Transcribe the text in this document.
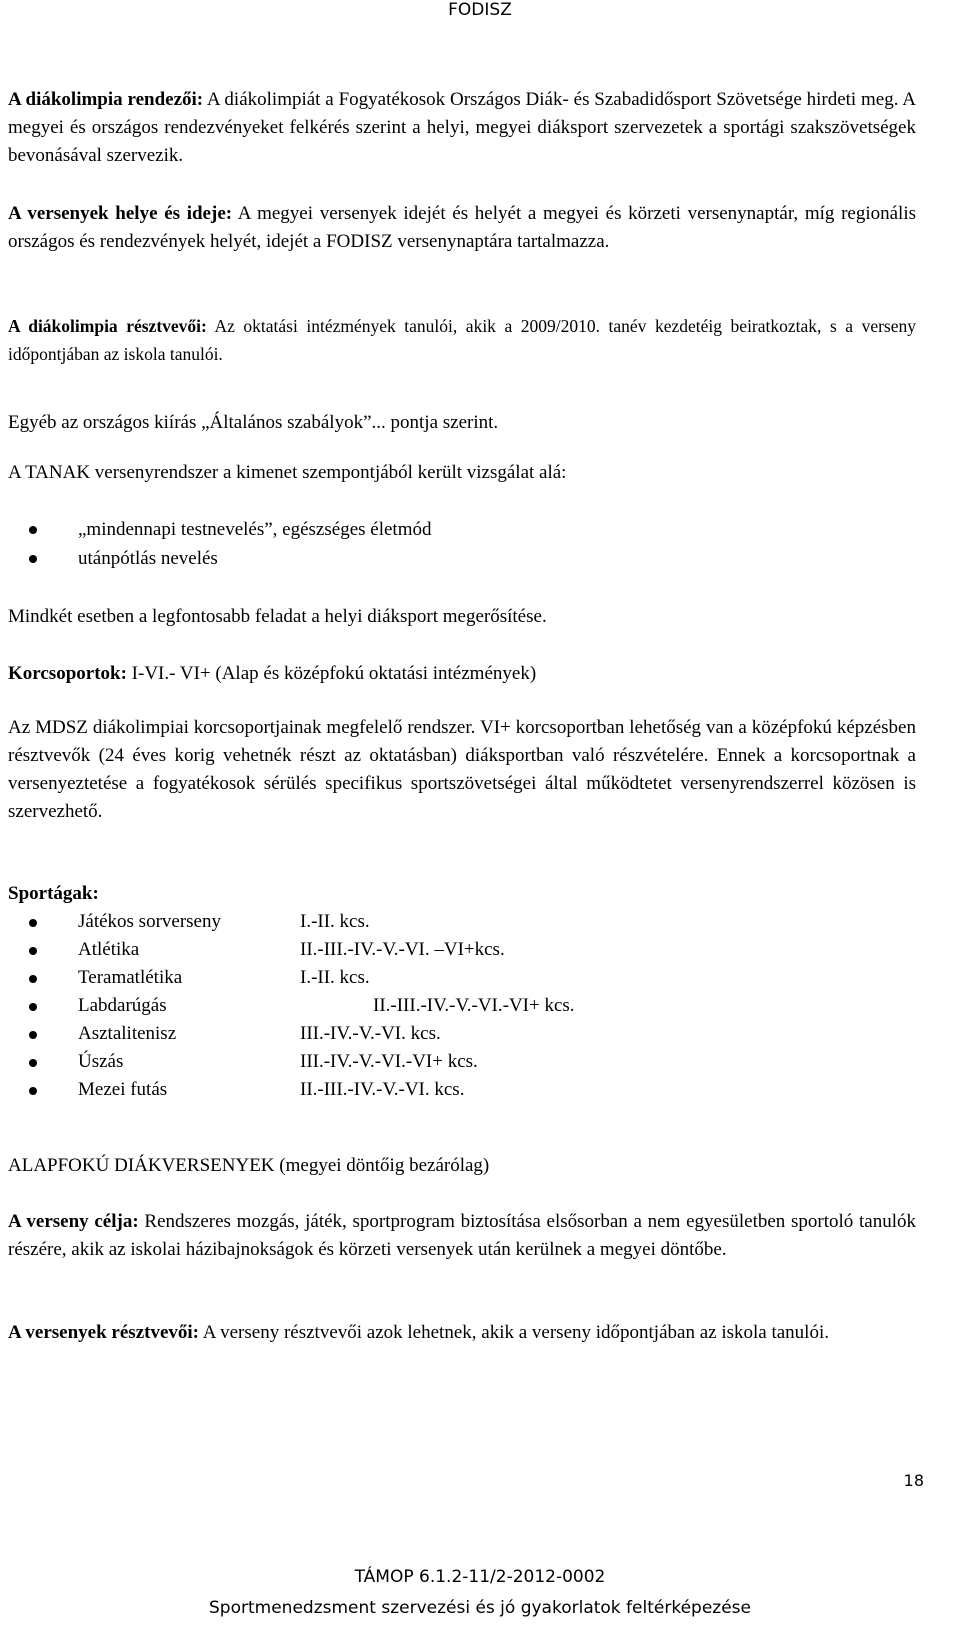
FODISZ

A diákolimpia rendezői: A diákolimpiát a Fogyatékosok Országos Diák- és Szabadidősport Szövetsége hirdeti meg. A megyei és országos rendezvényeket felkérés szerint a helyi, megyei diáksport szervezetek a sportági szakszövetségek bevonásával szervezik.

A versenyek helye és ideje: A megyei versenyek idejét és helyét a megyei és körzeti versenynaptár, míg regionális országos és rendezvények helyét, idejét a FODISZ versenynaptára tartalmazza.

A diákolimpia résztvevői: Az oktatási intézmények tanulói, akik a 2009/2010. tanév kezdetéig beiratkoztak, s a verseny időpontjában az iskola tanulói.

Egyéb az országos kiírás „Általános szabályok”... pontja szerint.

A TANAK versenyrendszer a kimenet szempontjából került vizsgálat alá:

„mindennapi testnevelés”, egészséges életmód
utánpótlás nevelés

Mindkét esetben a legfontosabb feladat a helyi diáksport megerősítése.

Korcsoportok: I-VI.- VI+ (Alap és középfokú oktatási intézmények)

Az MDSZ diákolimpiai korcsoportjainak megfelelő rendszer. VI+ korcsoportban lehetőség van a középfokú képzésben résztvevők (24 éves korig vehetnék részt az oktatásban) diáksportban való részvételére. Ennek a korcsoportnak a versenyeztetése a fogyatékosok sérülés specifikus sportszövetségei által működtetet versenyrendszerrel közösen is szervezhető.

Sportágak:

Játékos sorverseny	I.-II. kcs.
Atlétika	II.-III.-IV.-V.-VI. –VI+kcs.
Teramatlétika	I.-II. kcs.
Labdarúgás	II.-III.-IV.-V.-VI.-VI+ kcs.
Asztalitenisz	III.-IV.-V.-VI. kcs.
Úszás	III.-IV.-V.-VI.-VI+ kcs.
Mezei futás	II.-III.-IV.-V.-VI. kcs.

ALAPFOKÚ DIÁKVERSENYEK (megyei döntőig bezárólag)

A verseny célja: Rendszeres mozgás, játék, sportprogram biztosítása elsősorban a nem egyesületben sportoló tanulók részére, akik az iskolai házibajnokságok és körzeti versenyek után kerülnek a megyei döntőbe.

A versenyek résztvevői: A verseny résztvevői azok lehetnek, akik a verseny időpontjában az iskola tanulói.

18
TÁMOP 6.1.2-11/2-2012-0002
Sportmenedzsment szervezési és jó gyakorlatok feltérképezése
